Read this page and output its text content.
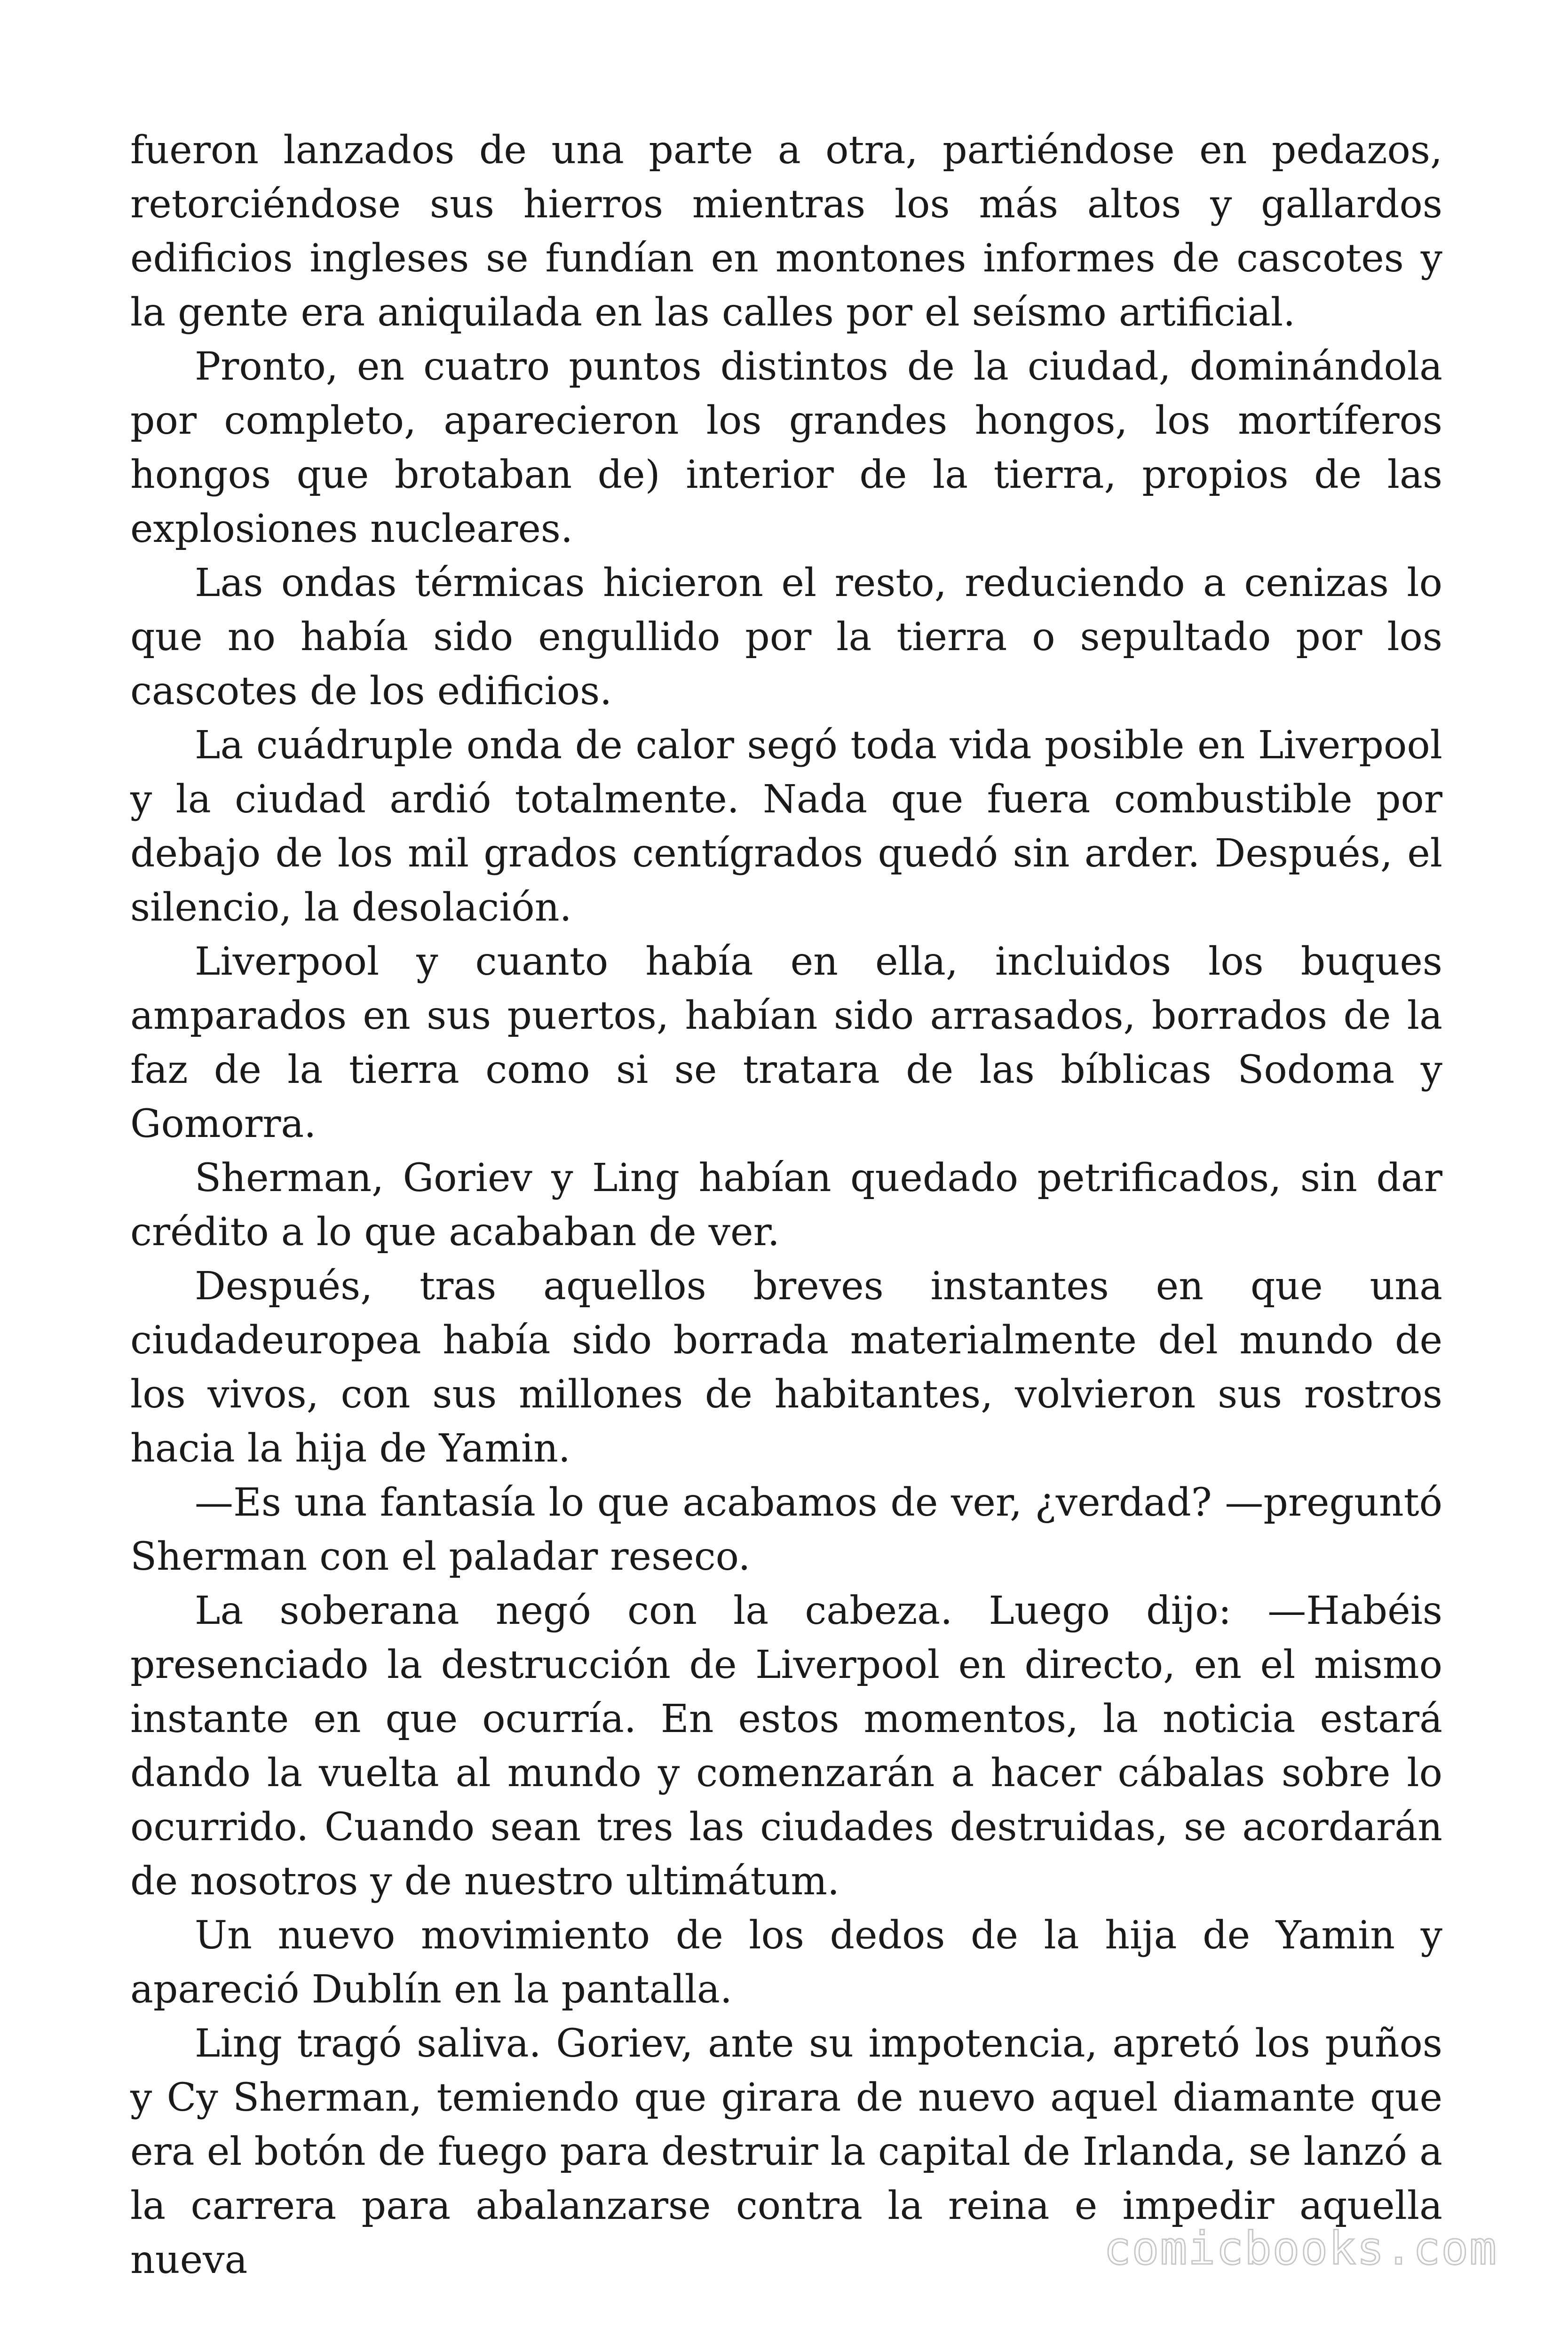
fueron lanzados de una parte a otra, partiéndose en pedazos, retorciéndose sus hierros mientras los más altos y gallardos edificios ingleses se fundían en montones informes de cascotes y la gente era aniquilada en las calles por el seísmo artificial.

Pronto, en cuatro puntos distintos de la ciudad, dominándola por completo, aparecieron los grandes hongos, los mortíferos hongos que brotaban de) interior de la tierra, propios de las explosiones nucleares.

Las ondas térmicas hicieron el resto, reduciendo a cenizas lo que no había sido engullido por la tierra o sepultado por los cascotes de los edificios.

La cuádruple onda de calor segó toda vida posible en Liverpool y la ciudad ardió totalmente. Nada que fuera combustible por debajo de los mil grados centígrados quedó sin arder. Después, el silencio, la desolación.

Liverpool y cuanto había en ella, incluidos los buques amparados en sus puertos, habían sido arrasados, borrados de la faz de la tierra como si se tratara de las bíblicas Sodoma y Gomorra.

Sherman, Goriev y Ling habían quedado petrificados, sin dar crédito a lo que acababan de ver.

Después, tras aquellos breves instantes en que una ciudadeuropea había sido borrada materialmente del mundo de los vivos, con sus millones de habitantes, volvieron sus rostros hacia la hija de Yamin.

—Es una fantasía lo que acabamos de ver, ¿verdad? —preguntó Sherman con el paladar reseco.

La soberana negó con la cabeza. Luego dijo: —Habéis presenciado la destrucción de Liverpool en directo, en el mismo instante en que ocurría. En estos momentos, la noticia estará dando la vuelta al mundo y comenzarán a hacer cábalas sobre lo ocurrido. Cuando sean tres las ciudades destruidas, se acordarán de nosotros y de nuestro ultimátum.

Un nuevo movimiento de los dedos de la hija de Yamin y apareció Dublín en la pantalla.

Ling tragó saliva. Goriev, ante su impotencia, apretó los puños y Cy Sherman, temiendo que girara de nuevo aquel diamante que era el botón de fuego para destruir la capital de Irlanda, se lanzó a la carrera para abalanzarse contra la reina e impedir aquella nueva	comicbooks.com
